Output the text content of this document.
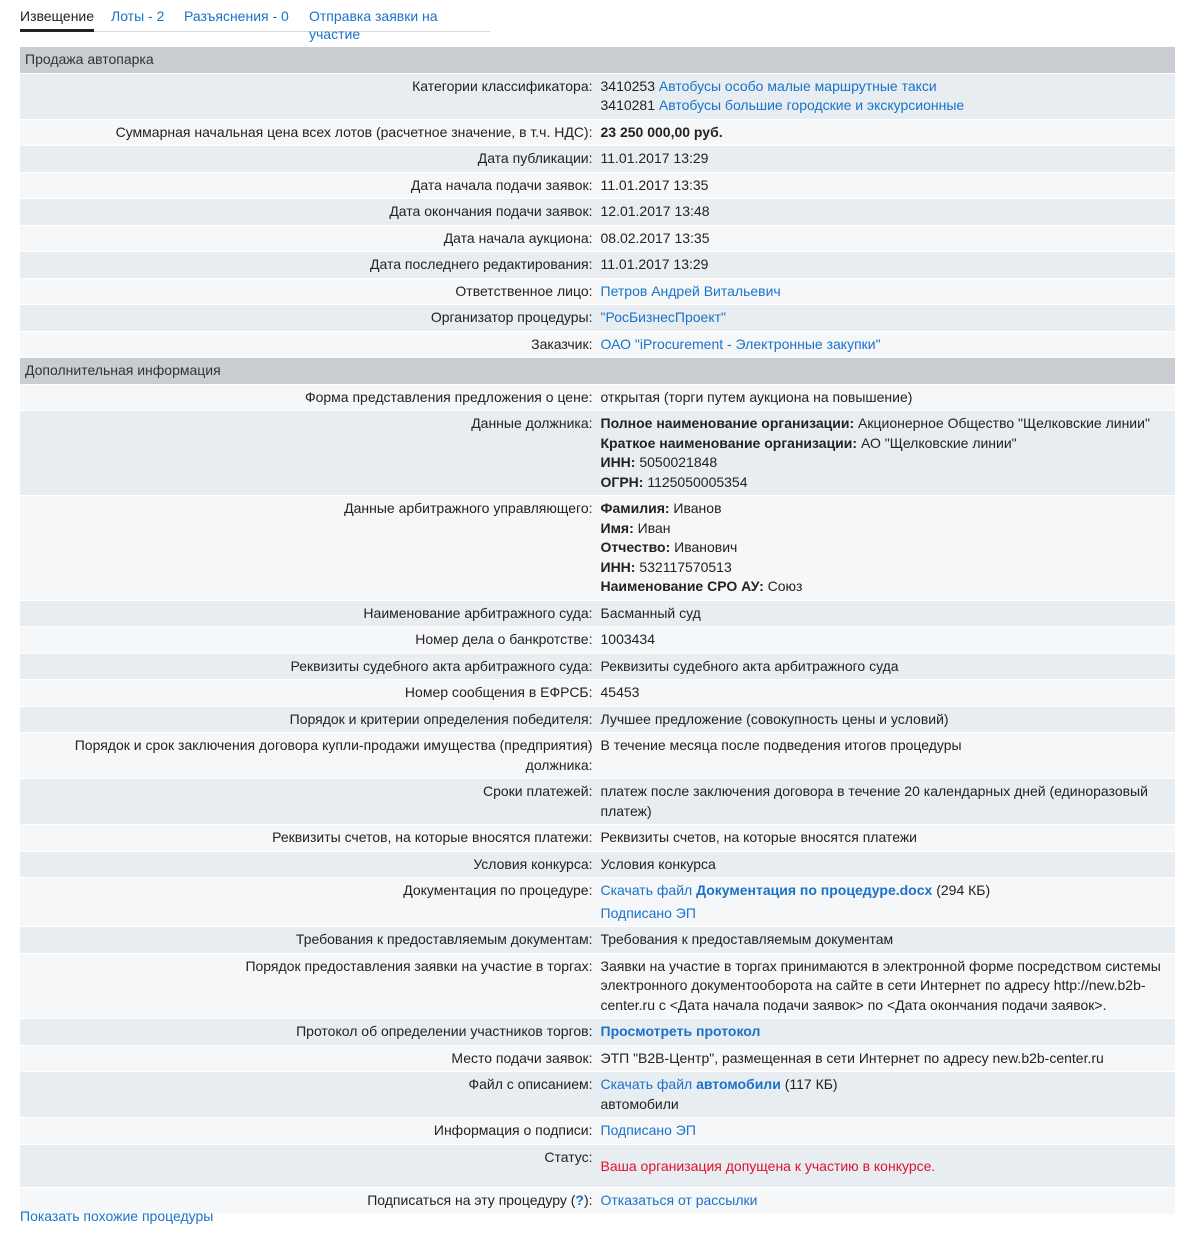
Извещение Лоты - 2 Разъяснения - 0 Отправка заявки на участие
Продажа автопарка	
Категории классификатора:	3410253 Автобусы особо малые маршрутные такси
3410281 Автобусы большие городские и экскурсионные

Суммарная начальная цена всех лотов (расчетное значение, в т.ч. НДС):	23 250 000,00 руб.
Дата публикации:	11.01.2017 13:29
Дата начала подачи заявок:	11.01.2017 13:35
Дата окончания подачи заявок:	12.01.2017 13:48
Дата начала аукциона:	08.02.2017 13:35
Дата последнего редактирования:	11.01.2017 13:29
Ответственное лицо:	Петров Андрей Витальевич
Организатор процедуры:	"РосБизнесПроект"
Заказчик:	ОАО "iProcurement - Электронные закупки"
Дополнительная информация	
Форма представления предложения о цене:	открытая (торги путем аукциона на повышение)
Данные должника:	Полное наименование организации: Акционерное Общество "Щелковские линии"
Краткое наименование организации: АО "Щелковские линии"
ИНН: 5050021848
ОГРН: 1125050005354

Данные арбитражного управляющего:	Фамилия: Иванов
Имя: Иван
Отчество: Иванович
ИНН: 532117570513
Наименование СРО АУ: Союз

Наименование арбитражного суда:	Басманный суд
Номер дела о банкротстве:	1003434
Реквизиты судебного акта арбитражного суда:	Реквизиты судебного акта арбитражного суда
Номер сообщения в ЕФРСБ:	45453
Порядок и критерии определения победителя:	Лучшее предложение (совокупность цены и условий)
Порядок и срок заключения договора купли-продажи имущества (предприятия) должника:	В течение месяца после подведения итогов процедуры
Сроки платежей:	платеж после заключения договора в течение 20 календарных дней (единоразовый платеж)
Реквизиты счетов, на которые вносятся платежи:	Реквизиты счетов, на которые вносятся платежи
Условия конкурса:	Условия конкурса
Документация по процедуре:	Скачать файл Документация по процедуре.docx (294 КБ)
Подписано ЭП

Требования к предоставляемым документам:	Требования к предоставляемым документам
Порядок предоставления заявки на участие в торгах:	Заявки на участие в торгах принимаются в электронной форме посредством системы электронного документооборота на сайте в сети Интернет по адресу http://new.b2b-center.ru с <Дата начала подачи заявок> по <Дата окончания подачи заявок>.
Протокол об определении участников торгов:	Просмотреть протокол
Место подачи заявок:	ЭТП "B2B-Центр", размещенная в сети Интернет по адресу new.b2b-center.ru
Файл с описанием:	Скачать файл автомобили (117 КБ)
автомобили

Информация о подписи:	Подписано ЭП
Статус:	Ваша организация допущена к участию в конкурсе.
Подписаться на эту процедуру (?):	Отказаться от рассылки
Показать похожие процедуры
